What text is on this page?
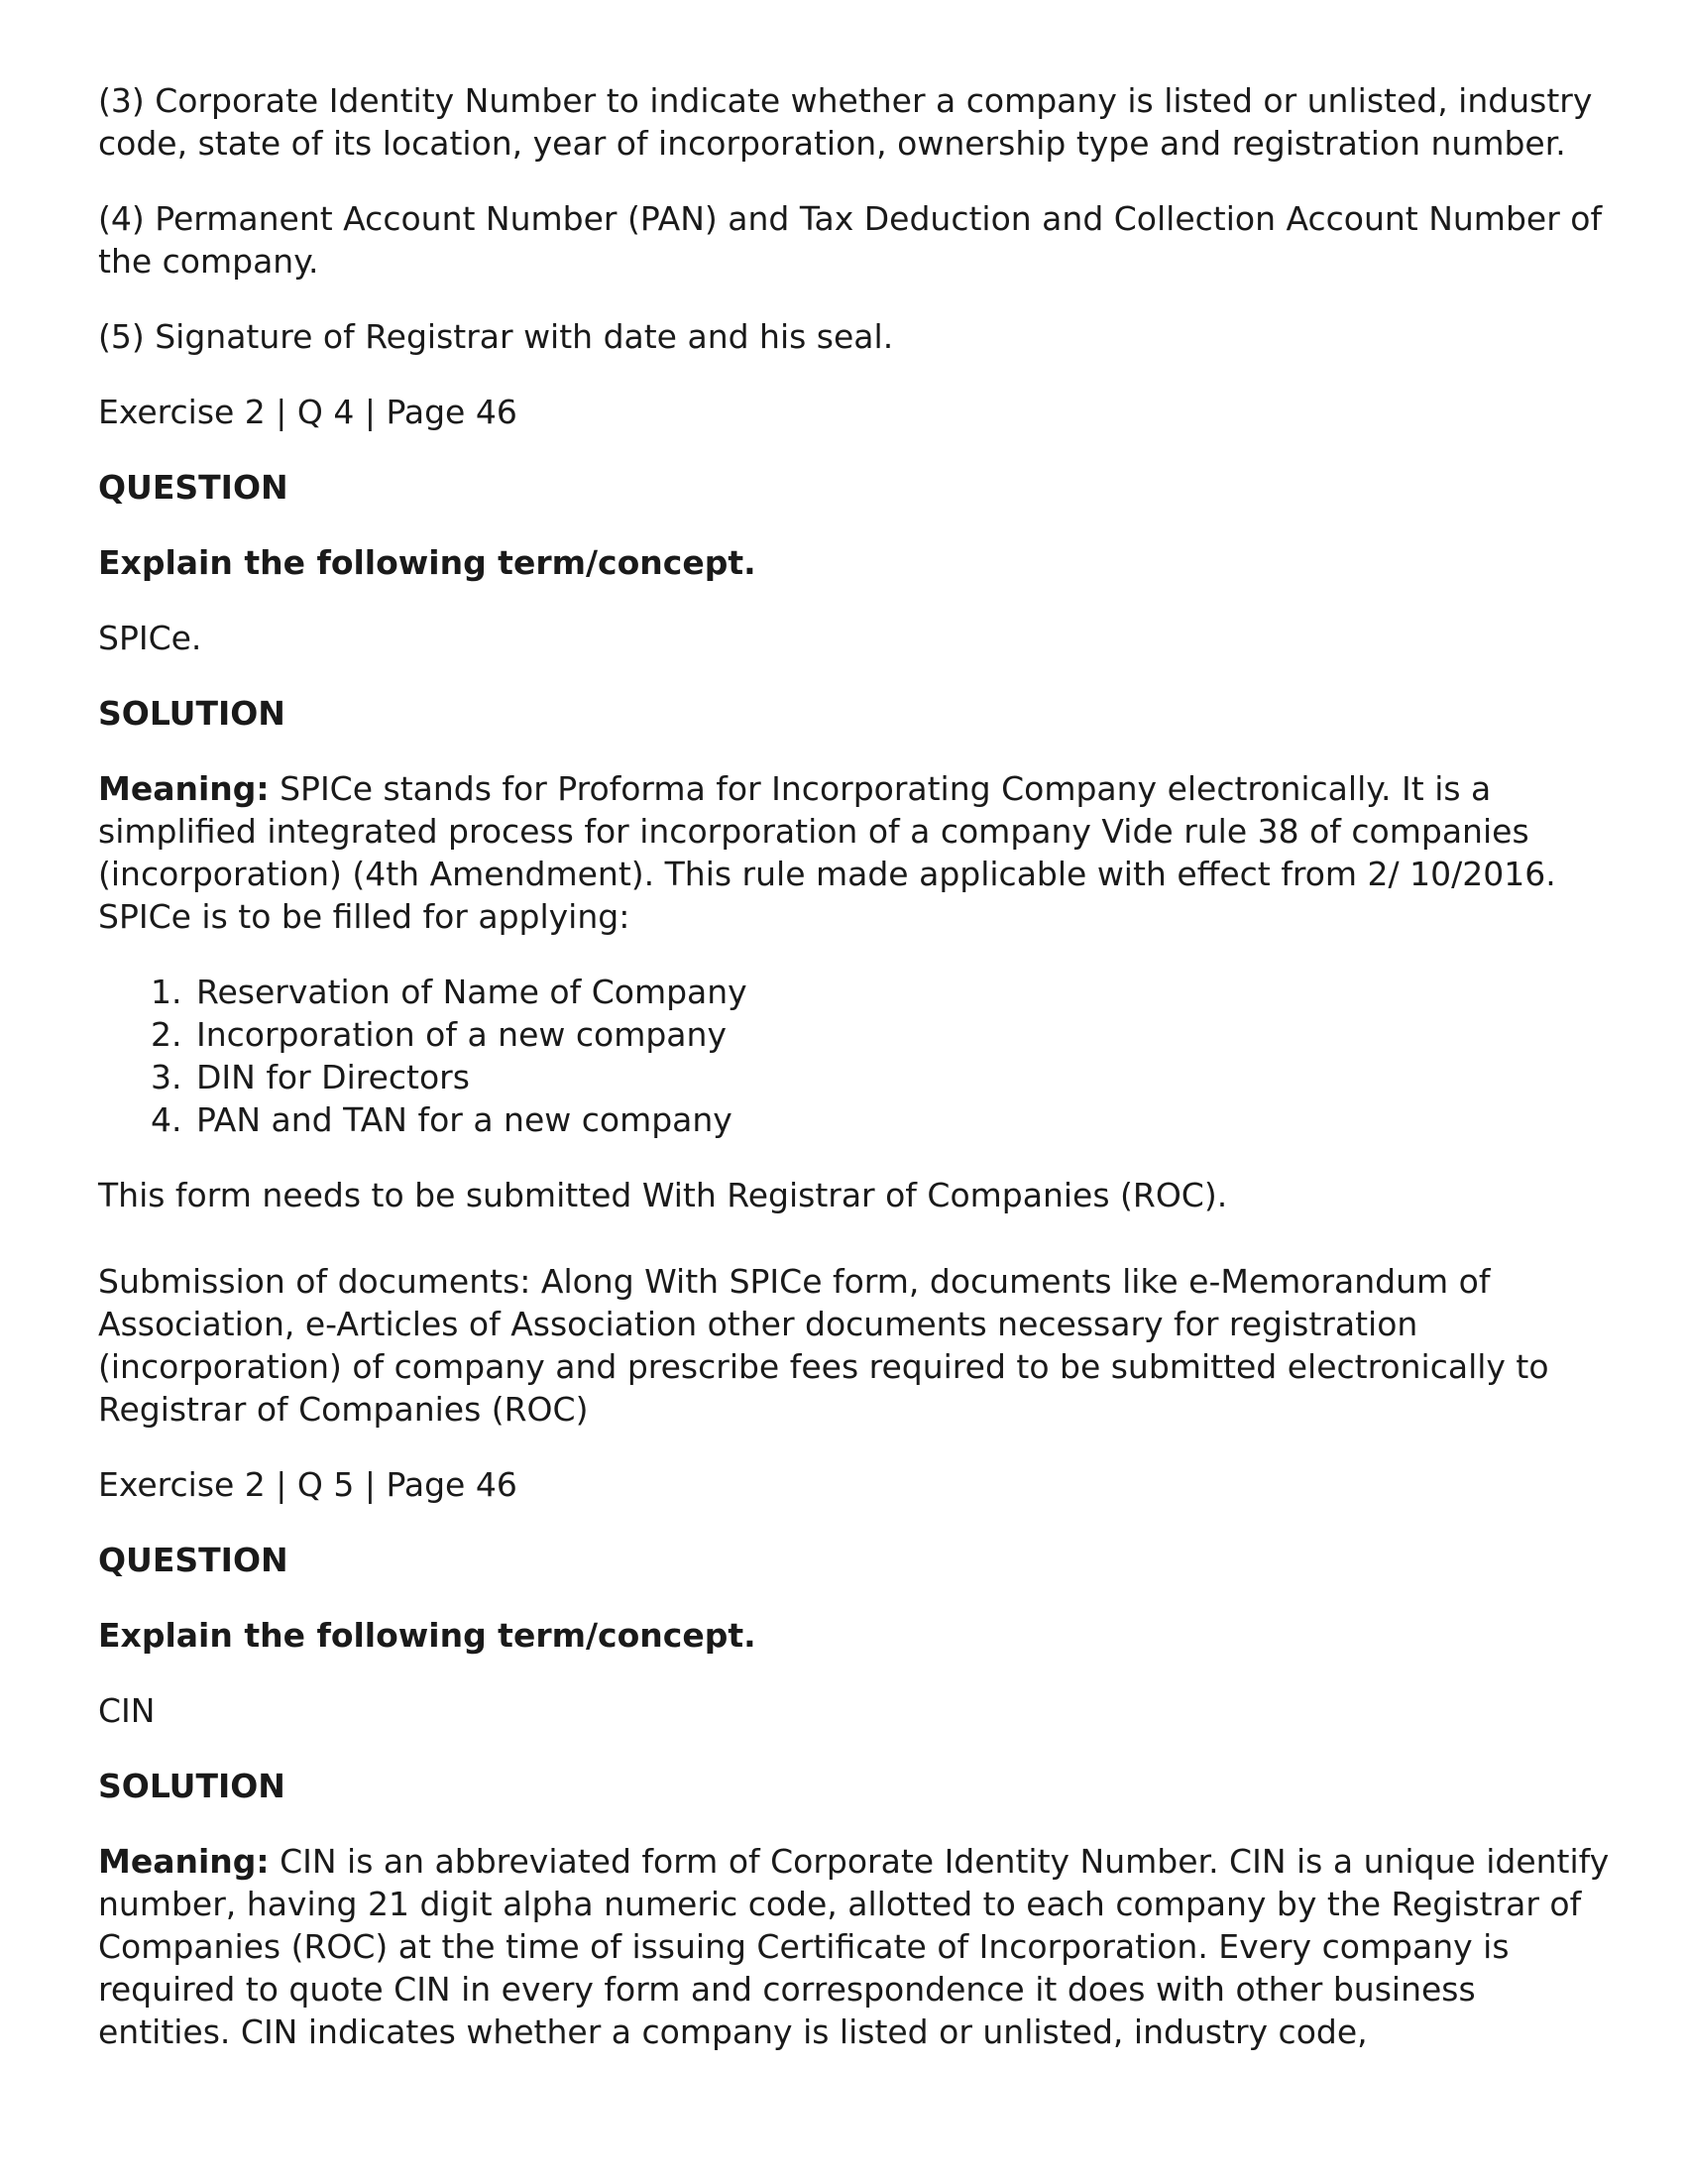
(3) Corporate Identity Number to indicate whether a company is listed or unlisted, industry code, state of its location, year of incorporation, ownership type and registration number.

(4) Permanent Account Number (PAN) and Tax Deduction and Collection Account Number of the company.

(5) Signature of Registrar with date and his seal.

Exercise 2 | Q 4 | Page 46

QUESTION

Explain the following term/concept.

SPICe.

SOLUTION

Meaning: SPICe stands for Proforma for Incorporating Company electronically. It is a simplified integrated process for incorporation of a company Vide rule 38 of companies (incorporation) (4th Amendment). This rule made applicable with effect from 2/ 10/2016. SPICe is to be filled for applying:

1. Reservation of Name of Company
2. Incorporation of a new company
3. DIN for Directors
4. PAN and TAN for a new company

This form needs to be submitted With Registrar of Companies (ROC).

Submission of documents: Along With SPICe form, documents like e-Memorandum of Association, e-Articles of Association other documents necessary for registration (incorporation) of company and prescribe fees required to be submitted electronically to Registrar of Companies (ROC)

Exercise 2 | Q 5 | Page 46

QUESTION

Explain the following term/concept.

CIN

SOLUTION

Meaning: CIN is an abbreviated form of Corporate Identity Number. CIN is a unique identify number, having 21 digit alpha numeric code, allotted to each company by the Registrar of Companies (ROC) at the time of issuing Certificate of Incorporation. Every company is required to quote CIN in every form and correspondence it does with other business entities. CIN indicates whether a company is listed or unlisted, industry code,
